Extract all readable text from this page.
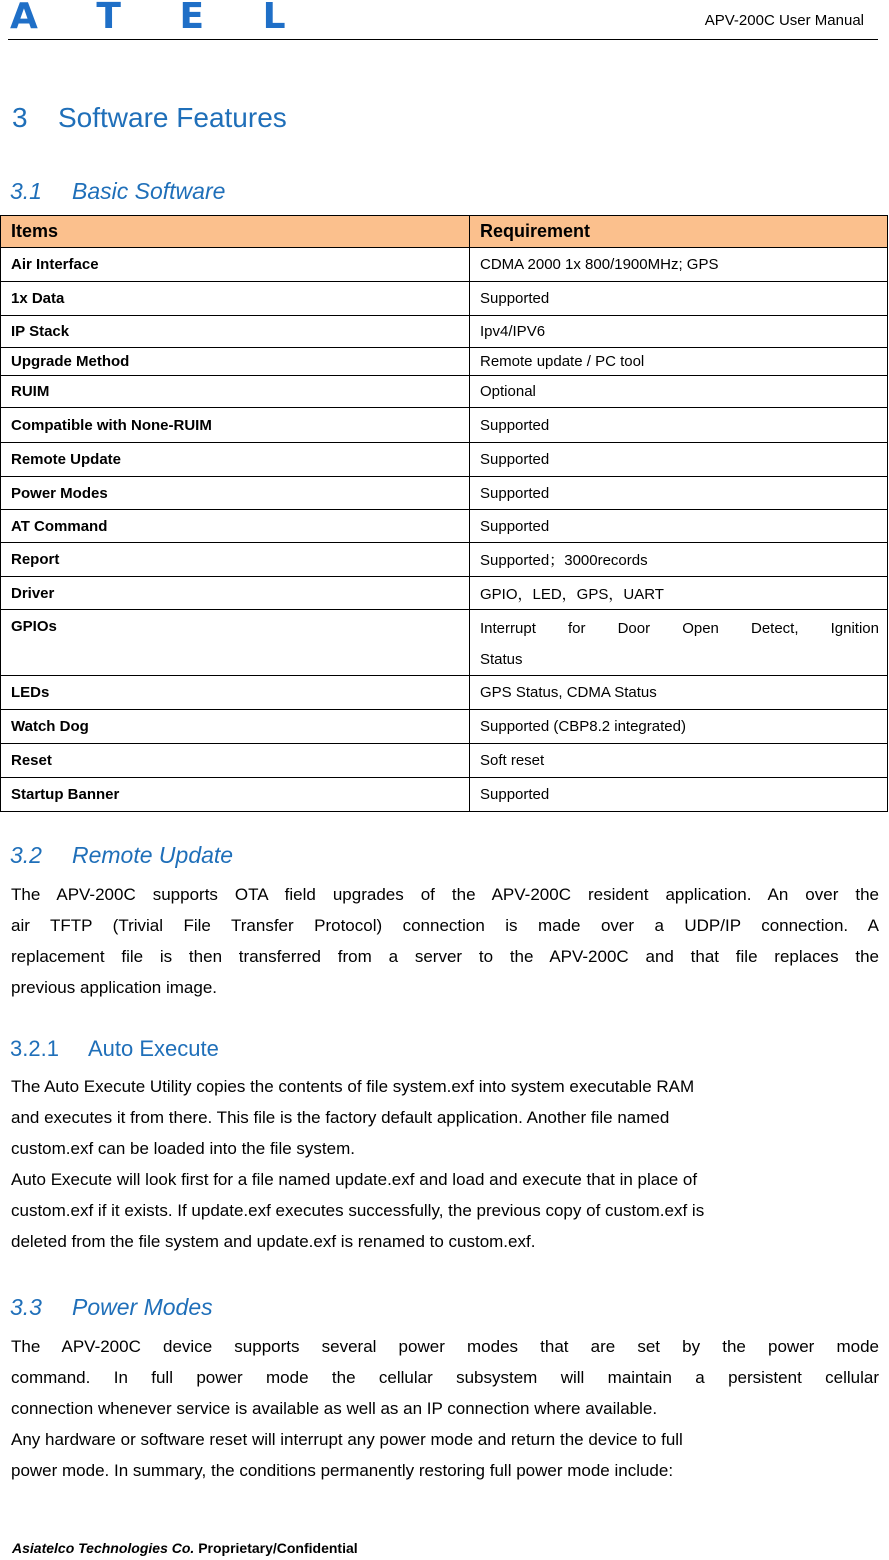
A T E L	APV-200C User Manual
3 Software Features
3.1 Basic Software
Items	Requirement
Air Interface	CDMA 2000 1x 800/1900MHz; GPS
1x Data	Supported
IP Stack	Ipv4/IPV6
Upgrade Method	Remote update / PC tool
RUIM	Optional
Compatible with None-RUIM	Supported
Remote Update	Supported
Power Modes	Supported
AT Command	Supported
Report	Supported；3000records
Driver	GPIO，LED，GPS，UART
GPIOs	Interrupt for Door Open Detect, Ignition
Status

LEDs	GPS Status, CDMA Status
Watch Dog	Supported (CBP8.2 integrated)
Reset	Soft reset
Startup Banner	Supported
3.2 Remote Update
The APV-200C supports OTA field upgrades of the APV-200C resident application. An over the
air TFTP (Trivial File Transfer Protocol) connection is made over a UDP/IP connection. A
replacement file is then transferred from a server to the APV-200C and that file replaces the
previous application image.
3.2.1 Auto Execute
The Auto Execute Utility copies the contents of file system.exf into system executable RAM
and executes it from there. This file is the factory default application. Another file named
custom.exf can be loaded into the file system.
Auto Execute will look first for a file named update.exf and load and execute that in place of
custom.exf if it exists. If update.exf executes successfully, the previous copy of custom.exf is
deleted from the file system and update.exf is renamed to custom.exf.
3.3 Power Modes
The APV-200C device supports several power modes that are set by the power mode
command. In full power mode the cellular subsystem will maintain a persistent cellular
connection whenever service is available as well as an IP connection where available.
Any hardware or software reset will interrupt any power mode and return the device to full
power mode. In summary, the conditions permanently restoring full power mode include:
Asiatelco Technologies Co. Proprietary/Confidential
